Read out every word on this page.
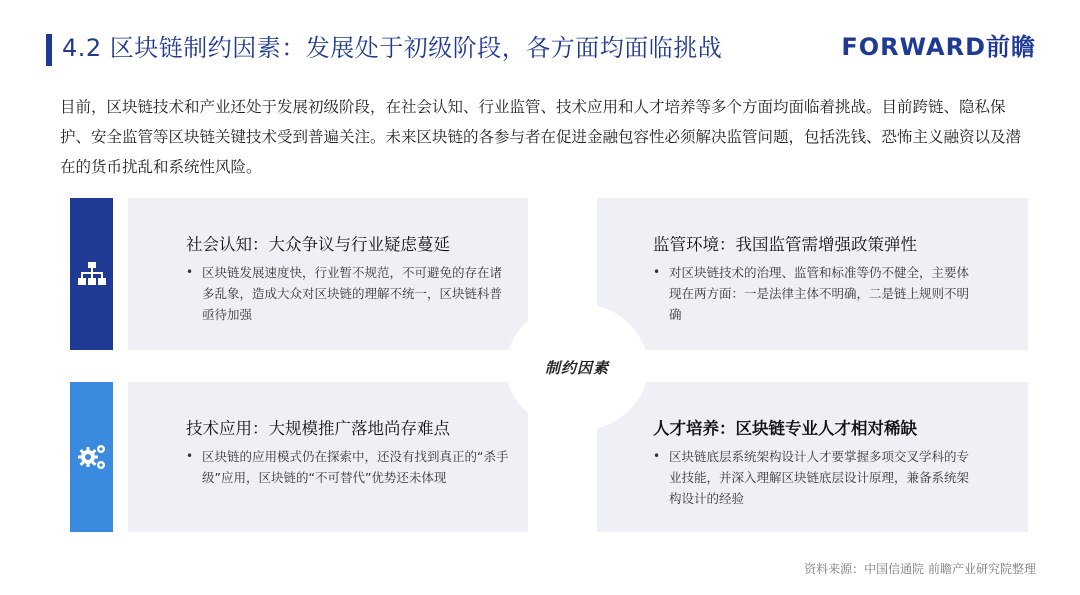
4.2 区块链制约因素：发展处于初级阶段，各方面均面临挑战	FORWARD前瞻
目前，区块链技术和产业还处于发展初级阶段，在社会认知、行业监管、技术应用和人才培养等多个方面均面临着挑战。目前跨链、隐私保护、安全监管等区块链关键技术受到普遍关注。未来区块链的各参与者在促进金融包容性必须解决监管问题，包括洗钱、恐怖主义融资以及潜在的货币扰乱和系统性风险。
社会认知：大众争议与行业疑虑蔓延
• 区块链发展速度快，行业暂不规范，不可避免的存在诸多乱象，造成大众对区块链的理解不统一，区块链科普亟待加强
监管环境：我国监管需增强政策弹性
• 对区块链技术的治理、监管和标准等仍不健全，主要体现在两方面：一是法律主体不明确，二是链上规则不明确
技术应用：大规模推广落地尚存难点
• 区块链的应用模式仍在探索中，还没有找到真正的“杀手级”应用，区块链的“不可替代”优势还未体现
人才培养：区块链专业人才相对稀缺
• 区块链底层系统架构设计人才要掌握多项交叉学科的专业技能，并深入理解区块链底层设计原理，兼备系统架构设计的经验
制约因素
资料来源：中国信通院 前瞻产业研究院整理
